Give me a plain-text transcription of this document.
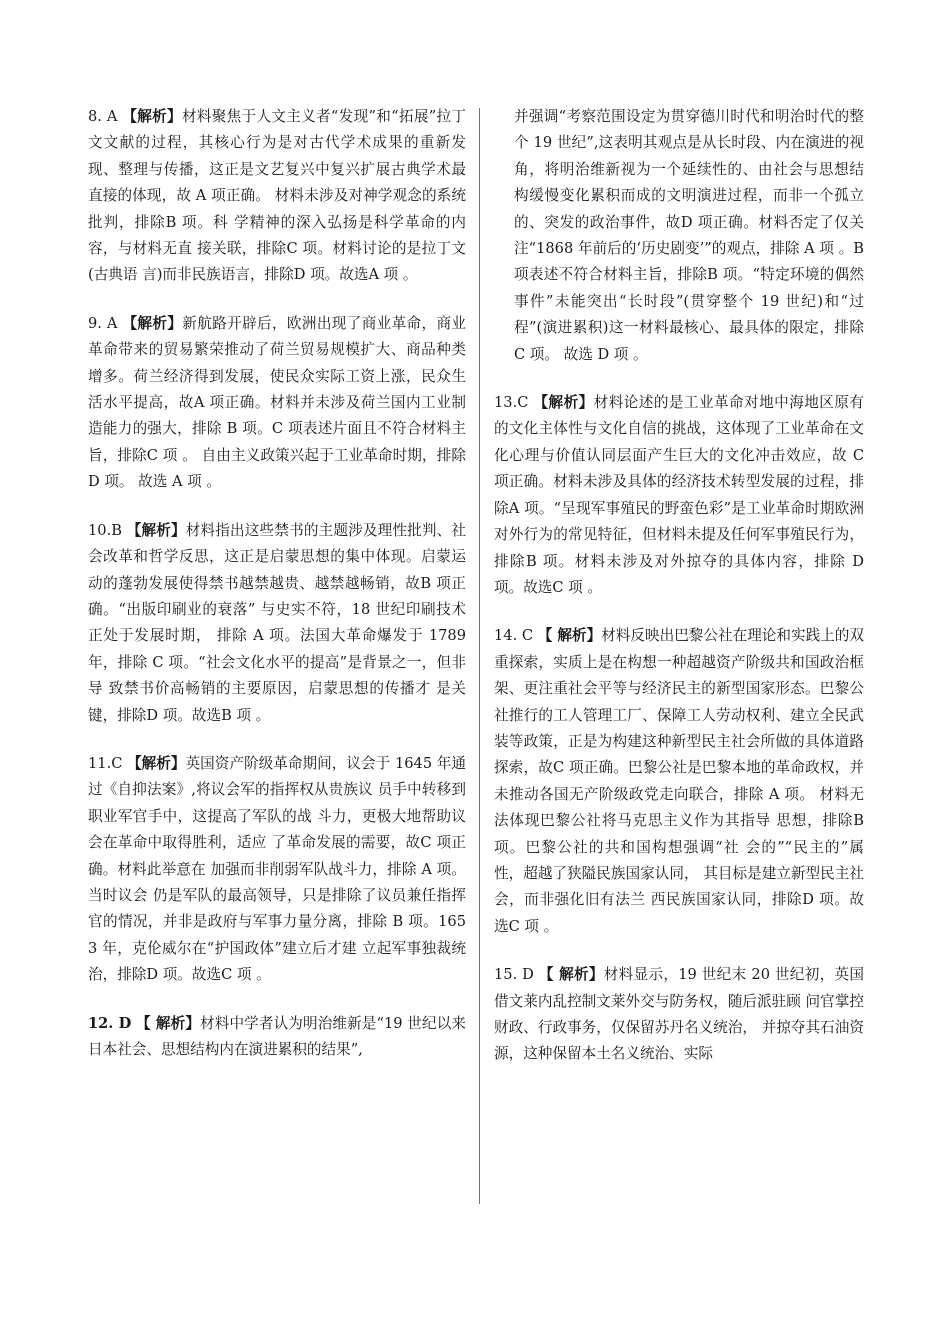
8. A 【解析】材料聚焦于人文主义者“发现”和“拓展”拉丁文文献的过程，其核心行为是对古代学术成果的重新发现、整理与传播，这正是文艺复兴中复兴扩展古典学术最直接的体现，故 A 项正确。 材料未涉及对神学观念的系统批判，排除B 项。科 学精神的深入弘扬是科学革命的内容，与材料无直 接关联，排除C 项。材料讨论的是拉丁文(古典语 言)而非民族语言，排除D 项。故选A 项 。
9. A 【解析】新航路开辟后，欧洲出现了商业革命，商业革命带来的贸易繁荣推动了荷兰贸易规模扩大、商品种类增多。荷兰经济得到发展，使民众实际工资上涨，民众生活水平提高，故A 项正确。材料并未涉及荷兰国内工业制造能力的强大，排除 B 项。C 项表述片面且不符合材料主旨，排除C 项 。 自由主义政策兴起于工业革命时期，排除 D 项。 故选 A 项 。
10.B 【解析】材料指出这些禁书的主题涉及理性批判、社会改革和哲学反思，这正是启蒙思想的集中体现。启蒙运动的蓬勃发展使得禁书越禁越贵、越禁越畅销，故B 项正确。“出版印刷业的衰落” 与史实不符，18 世纪印刷技术正处于发展时期， 排除 A 项。法国大革命爆发于 1789 年，排除 C 项。“社会文化水平的提高”是背景之一，但非导 致禁书价高畅销的主要原因，启蒙思想的传播才 是关键，排除D 项。故选B 项 。
11.C 【解析】英国资产阶级革命期间，议会于 1645 年通过《自抑法案》,将议会军的指挥权从贵族议 员手中转移到职业军官手中，这提高了军队的战 斗力，更极大地帮助议会在革命中取得胜利，适应 了革命发展的需要，故C 项正确。材料此举意在 加强而非削弱军队战斗力，排除 A 项。当时议会 仍是军队的最高领导，只是排除了议员兼任指挥 官的情况，并非是政府与军事力量分离，排除 B 项。1653 年，克伦威尔在“护国政体”建立后才建 立起军事独裁统治，排除D 项。故选C 项 。
12. D 【 解析】材料中学者认为明治维新是“19 世纪以来日本社会、思想结构内在演进累积的结果”,
并强调“考察范围设定为贯穿德川时代和明治时代的整个 19 世纪”,这表明其观点是从长时段、内在演进的视角，将明治维新视为一个延续性的、由社会与思想结构缓慢变化累积而成的文明演进过程，而非一个孤立的、突发的政治事件，故D 项正确。材料否定了仅关注“1868 年前后的‘历史剧变’”的观点，排除 A 项 。B 项表述不符合材料主旨，排除B 项。“特定环境的偶然事件”未能突出“长时段”(贯穿整个 19 世纪)和“过程”(演进累积)这一材料最核心、最具体的限定，排除 C 项。 故选 D 项 。
13.C 【解析】材料论述的是工业革命对地中海地区原有的文化主体性与文化自信的挑战，这体现了工业革命在文化心理与价值认同层面产生巨大的文化冲击效应，故 C 项正确。材料未涉及具体的经济技术转型发展的过程，排除A 项。“呈现军事殖民的野蛮色彩”是工业革命时期欧洲对外行为的常见特征，但材料未提及任何军事殖民行为，排除B 项。材料未涉及对外掠夺的具体内容，排除 D 项。故选C 项 。
14. C 【 解析】材料反映出巴黎公社在理论和实践上的双重探索，实质上是在构想一种超越资产阶级共和国政治框架、更注重社会平等与经济民主的新型国家形态。巴黎公社推行的工人管理工厂、保障工人劳动权利、建立全民武装等政策，正是为构建这种新型民主社会所做的具体道路探索，故C 项正确。巴黎公社是巴黎本地的革命政权，并未推动各国无产阶级政党走向联合，排除 A 项。 材料无法体现巴黎公社将马克思主义作为其指导 思想，排除B 项。巴黎公社的共和国构想强调“社 会的”“民主的”属性，超越了狭隘民族国家认同， 其目标是建立新型民主社会，而非强化旧有法兰 西民族国家认同，排除D 项。故选C 项 。
15. D 【 解析】材料显示，19 世纪末 20 世纪初，英国 借文莱内乱控制文莱外交与防务权，随后派驻顾 问官掌控财政、行政事务，仅保留苏丹名义统治， 并掠夺其石油资源，这种保留本土名义统治、实际
